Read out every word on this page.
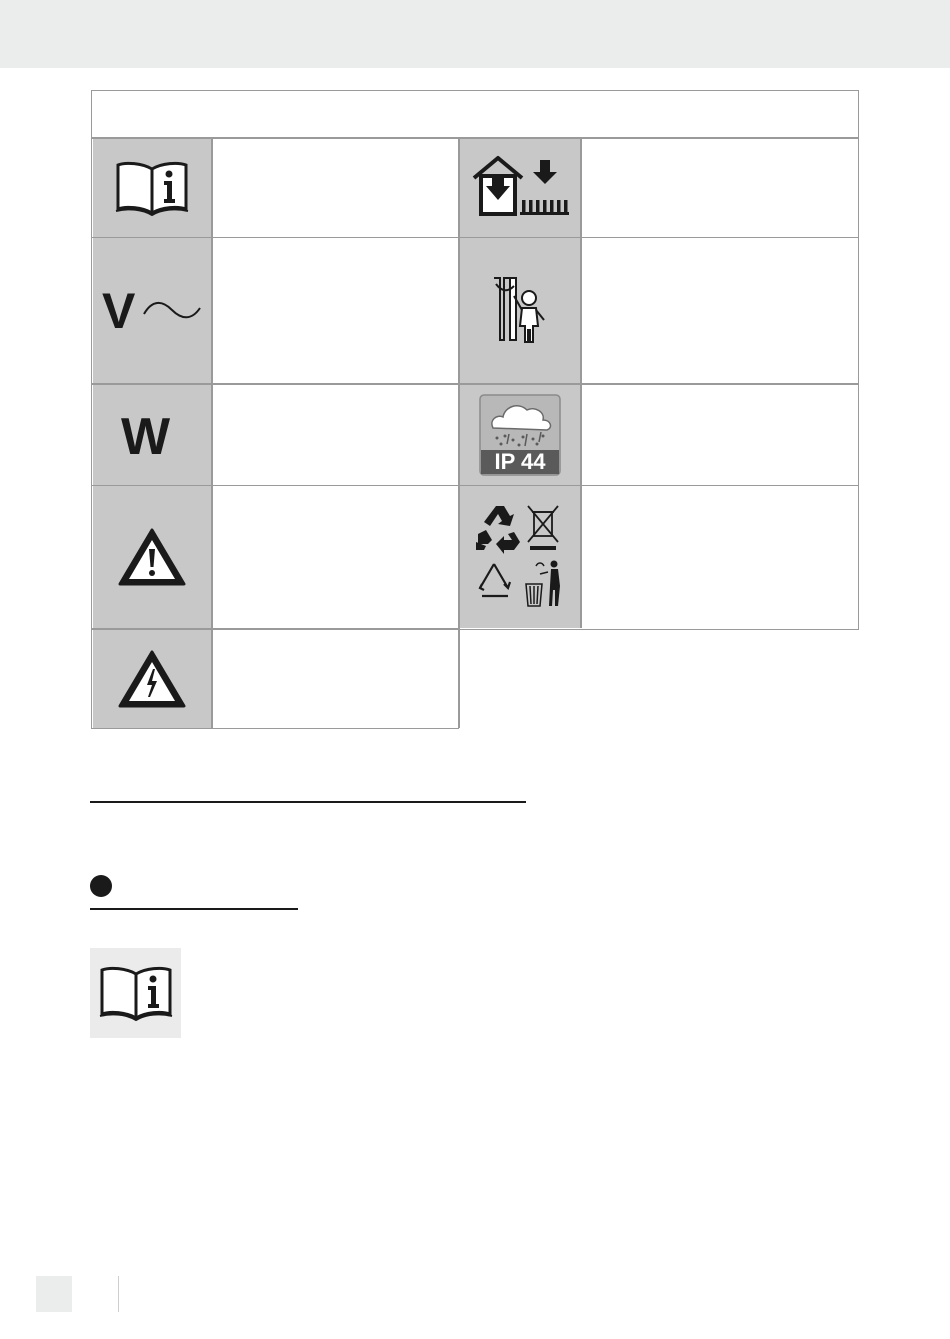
V
W	IP 44
